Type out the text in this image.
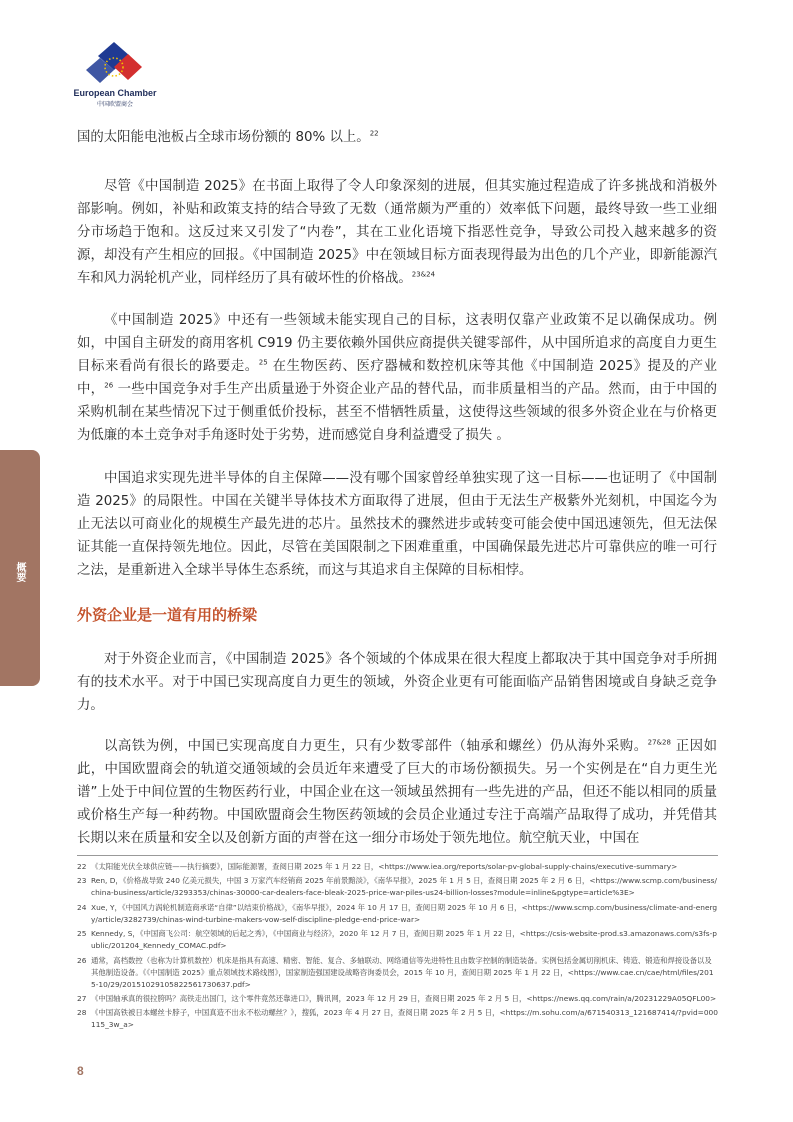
European Chamber
中国欧盟商会
概要

国的太阳能电池板占全球市场份额的 80% 以上。$^{22}$

尽管《中国制造 2025》在书面上取得了令人印象深刻的进展，但其实施过程造成了许多挑战和消极外部影响。例如，补贴和政策支持的结合导致了无数（通常颇为严重的）效率低下问题，最终导致一些工业细分市场趋于饱和。这反过来又引发了“内卷”，其在工业化语境下指恶性竞争，导致公司投入越来越多的资源，却没有产生相应的回报。《中国制造 2025》中在领域目标方面表现得最为出色的几个产业，即新能源汽车和风力涡轮机产业，同样经历了具有破坏性的价格战。$^{23\&24}$

《中国制造 2025》中还有一些领域未能实现自己的目标，这表明仅靠产业政策不足以确保成功。例如，中国自主研发的商用客机 C919 仍主要依赖外国供应商提供关键零部件，从中国所追求的高度自力更生目标来看尚有很长的路要走。$^{25}$ 在生物医药、医疗器械和数控机床等其他《中国制造 2025》提及的产业中，$^{26}$ 一些中国竞争对手生产出质量逊于外资企业产品的替代品，而非质量相当的产品。然而，由于中国的采购机制在某些情况下过于侧重低价投标，甚至不惜牺牲质量，这使得这些领域的很多外资企业在与价格更为低廉的本土竞争对手角逐时处于劣势，进而感觉自身利益遭受了损失 。

中国追求实现先进半导体的自主保障——没有哪个国家曾经单独实现了这一目标——也证明了《中国制造 2025》的局限性。中国在关键半导体技术方面取得了进展，但由于无法生产极紫外光刻机，中国迄今为止无法以可商业化的规模生产最先进的芯片。虽然技术的骤然进步或转变可能会使中国迅速领先，但无法保证其能一直保持领先地位。因此，尽管在美国限制之下困难重重，中国确保最先进芯片可靠供应的唯一可行之法，是重新进入全球半导体生态系统，而这与其追求自主保障的目标相悖。

外资企业是一道有用的桥梁

对于外资企业而言，《中国制造 2025》各个领域的个体成果在很大程度上都取决于其中国竞争对手所拥有的技术水平。对于中国已实现高度自力更生的领域，外资企业更有可能面临产品销售困境或自身缺乏竞争力。

以高铁为例，中国已实现高度自力更生，只有少数零部件（轴承和螺丝）仍从海外采购。$^{27\&28}$ 正因如此，中国欧盟商会的轨道交通领域的会员近年来遭受了巨大的市场份额损失。另一个实例是在“自力更生光谱”上处于中间位置的生物医药行业，中国企业在这一领域虽然拥有一些先进的产品，但还不能以相同的质量或价格生产每一种药物。中国欧盟商会生物医药领域的会员企业通过专注于高端产品取得了成功，并凭借其长期以来在质量和安全以及创新方面的声誉在这一细分市场处于领先地位。航空航天业，中国在

22 《太阳能光伏全球供应链——执行摘要》，国际能源署，查阅日期 2025 年 1 月 22 日，<https://www.iea.org/reports/solar-pv-global-supply-chains/executive-summary>

23 Ren, D，《价格战导致 240 亿美元损失，中国 3 万家汽车经销商 2025 年前景黯淡》，《南华早报》，2025 年 1 月 5 日，查阅日期 2025 年 2 月 6 日，<https://www.scmp.com/business/china-business/article/3293353/chinas-30000-car-dealers-face-bleak-2025-price-war-piles-us24-billion-losses?module=inline&pgtype=article%3E>

24 Xue, Y，《中国风力涡轮机制造商承诺“自律”以结束价格战》，《南华早报》，2024 年 10 月 17 日，查阅日期 2025 年 10 月 6 日，<https://www.scmp.com/business/climate-and-energy/article/3282739/chinas-wind-turbine-makers-vow-self-discipline-pledge-end-price-war>

25 Kennedy, S，《中国商飞公司：航空领域的后起之秀》，《中国商业与经济》，2020 年 12 月 7 日，查阅日期 2025 年 1 月 22 日，<https://csis-website-prod.s3.amazonaws.com/s3fs-public/201204_Kennedy_COMAC.pdf>

26 通常，高档数控（也称为计算机数控）机床是指具有高速、精密、智能、复合、多轴联动、网络通信等先进特性且由数字控制的制造装备。实例包括金属切削机床、铸造、锻造和焊接设备以及其他制造设备。《《中国制造 2025》重点领域技术路线图》，国家制造强国建设战略咨询委员会，2015 年 10 月，查阅日期 2025 年 1 月 22 日，<https://www.cae.cn/cae/html/files/2015-10/29/20151029105822561730637.pdf>

27 《中国轴承真的很拉胯吗？高铁走出国门，这个零件竟然还靠进口》，腾讯网，2023 年 12 月 29 日，查阅日期 2025 年 2 月 5 日，<https://news.qq.com/rain/a/20231229A05QFL00>

28 《中国高铁被日本螺丝卡脖子，中国真造不出永不松动螺丝？》，搜狐，2023 年 4 月 27 日，查阅日期 2025 年 2 月 5 日，<https://m.sohu.com/a/671540313_121687414/?pvid=000115_3w_a>

8
